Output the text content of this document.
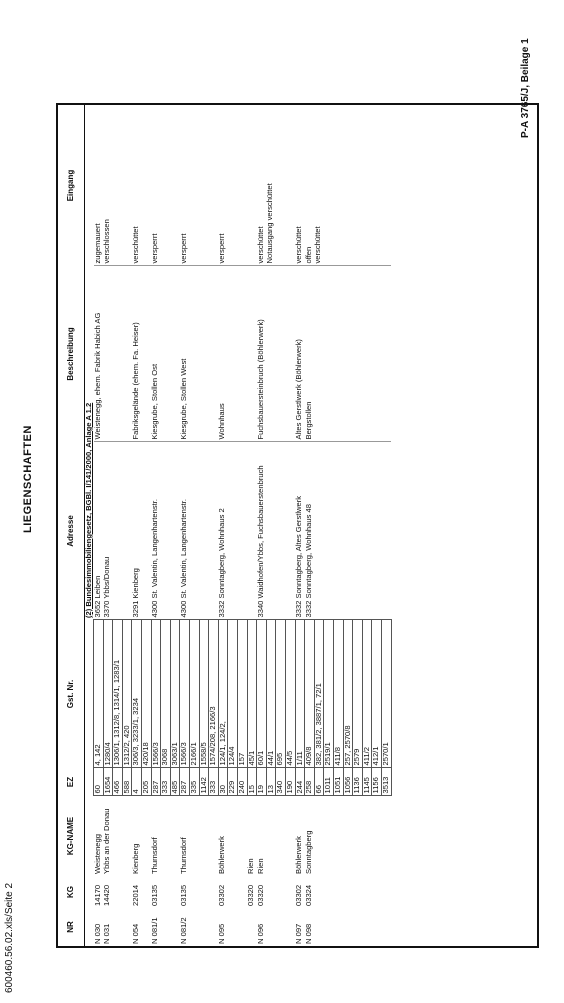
600460.56.02.xls/Seite 2
LIEGENSCHAFTEN
P-A 3765/J, Beilage 1
NR	KG	KG-NAME	EZ	Gst. Nr.	Adresse	Beschreibung	Eingang
					(2) Bundesimmobiliengesetz, BGBl. I/141/2000, Anlage A 1.2		
N 030	14170	Weistenegg	60	4, 142	3652 Leiben	Weistenegg, ehem. Fabrik Habich AG	zugemauert
N 031	14420	Ybbs an der Donau	1654	1280/4	3370 Ybbs/Donau		verschlossen
			466	1306/1, 1312/8, 1314/1, 1283/1			
			588	1312/2, 420			
N 054	22014	Kienberg	4	306/3, 3233/1, 3234	3291 Kienberg	Fabriksgelände (ehem. Fa. Heiser)	verschüttet
			205	420/18			
N 081/1	03135	Thurnsdorf	287	1566/3	4300 St. Valentin, Langenhartenstr.	Kiesgrube, Stollen Ost	versperrt
			333	3068			
			485	3063/1			
N 081/2	03135	Thurnsdorf	287	1566/3	4300 St. Valentin, Langenhartenstr.	Kiesgrube, Stollen West	versperrt
			335	2166/1			
			1142	1558/5			
			333	1574/208, 2166/3			
N 095	03302	Böhlerwerk	30	124/1, 124/2,	3332 Sonntagberg, Wohnhaus 2	Wohnhaus	versperrt
			229	124/4			
			240	157			
	03320	Rien	15	45/1			
N 096	03320	Rien	19	60/1	3340 Waidhofen/Ybbs, Fuchsbauerstenbruch	Fuchsbauersteinbruch (Böhlerwerk)	verschüttet
			13	44/1			Notausgang verschüttet
			340	695			
			190	44/5			
N 097	03302	Böhlerwerk	244	1/11	3332 Sonntagberg, Altes Gerstlwerk	Altes Gerstlwerk (Böhlerwerk)	verschüttet
N 098	03324	Sonntagberg	258	409/8	3332 Sonntagberg, Wohnhaus 48	Bergstollen	offen
			66	382, 381/2, 3887/1, 72/1			verschüttet
			1011	2519/1			
			1051	411/8			
			1056	257, 2570/8			
			1136	2579			
			1145	411/2			
			1156	412/1			
			3513	2570/1			
